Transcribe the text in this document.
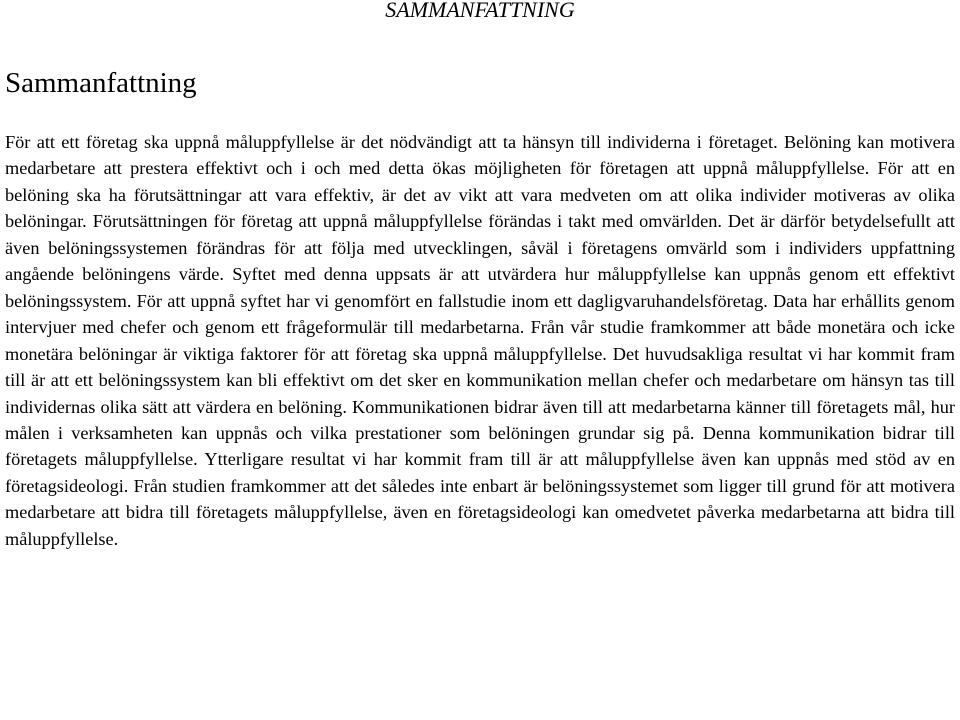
SAMMANFATTNING
Sammanfattning

För att ett företag ska uppnå måluppfyllelse är det nödvändigt att ta hänsyn till individerna i företaget. Belöning kan motivera medarbetare att prestera effektivt och i och med detta ökas möjligheten för företagen att uppnå måluppfyllelse. För att en belöning ska ha förutsättningar att vara effektiv, är det av vikt att vara medveten om att olika individer motiveras av olika belöningar. Förutsättningen för företag att uppnå måluppfyllelse förändas i takt med omvärlden. Det är därför betydelsefullt att även belöningssystemen förändras för att följa med utvecklingen, såväl i företagens omvärld som i individers uppfattning angående belöningens värde. Syftet med denna uppsats är att utvärdera hur måluppfyllelse kan uppnås genom ett effektivt belöningssystem. För att uppnå syftet har vi genomfört en fallstudie inom ett dagligvaruhandelsföretag. Data har erhållits genom intervjuer med chefer och genom ett frågeformulär till medarbetarna. Från vår studie framkommer att både monetära och icke monetära belöningar är viktiga faktorer för att företag ska uppnå måluppfyllelse. Det huvudsakliga resultat vi har kommit fram till är att ett belöningssystem kan bli effektivt om det sker en kommunikation mellan chefer och medarbetare om hänsyn tas till individernas olika sätt att värdera en belöning. Kommunikationen bidrar även till att medarbetarna känner till företagets mål, hur målen i verksamheten kan uppnås och vilka prestationer som belöningen grundar sig på. Denna kommunikation bidrar till företagets måluppfyllelse. Ytterligare resultat vi har kommit fram till är att måluppfyllelse även kan uppnås med stöd av en företagsideologi. Från studien framkommer att det således inte enbart är belöningssystemet som ligger till grund för att motivera medarbetare att bidra till företagets måluppfyllelse, även en företagsideologi kan omedvetet påverka medarbetarna att bidra till måluppfyllelse.
